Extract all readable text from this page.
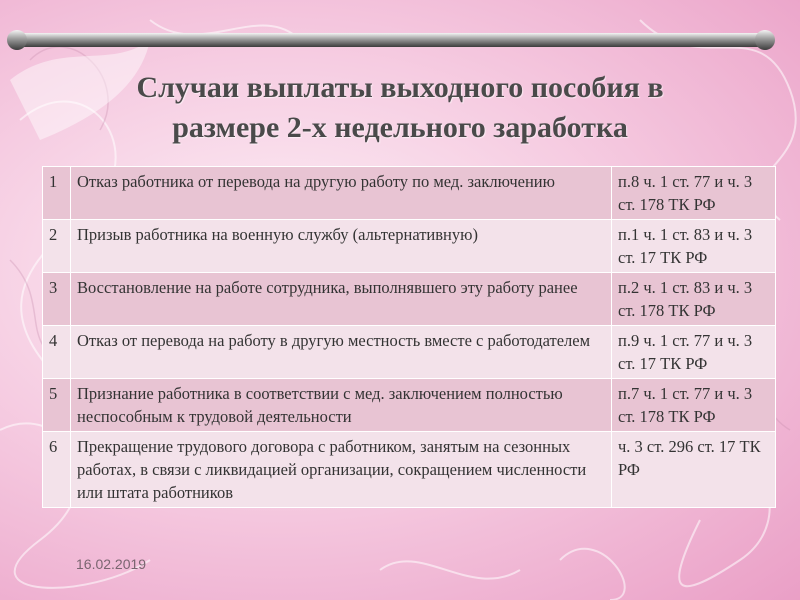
Случаи выплаты выходного пособия в
размере 2-х недельного заработка
1	Отказ работника от перевода на другую работу по мед. заключению	п.8 ч. 1 ст. 77 и ч. 3 ст. 178 ТК РФ
2	Призыв работника на военную службу (альтернативную)	п.1 ч. 1 ст. 83 и ч. 3 ст. 17 ТК РФ
3	Восстановление на работе сотрудника, выполнявшего эту работу ранее	п.2 ч. 1 ст. 83 и ч. 3 ст. 178 ТК РФ
4	Отказ от перевода на работу в другую местность вместе с работодателем	п.9 ч. 1 ст. 77 и ч. 3 ст. 17 ТК РФ
5	Признание работника в соответствии с мед. заключением полностью неспособным к трудовой деятельности	п.7 ч. 1 ст. 77 и ч. 3 ст. 178 ТК РФ
6	Прекращение трудового договора с работником, занятым на сезонных работах, в связи с ликвидацией организации, сокращением численности или штата работников	ч. 3 ст. 296 ст. 17 ТК РФ
16.02.2019
